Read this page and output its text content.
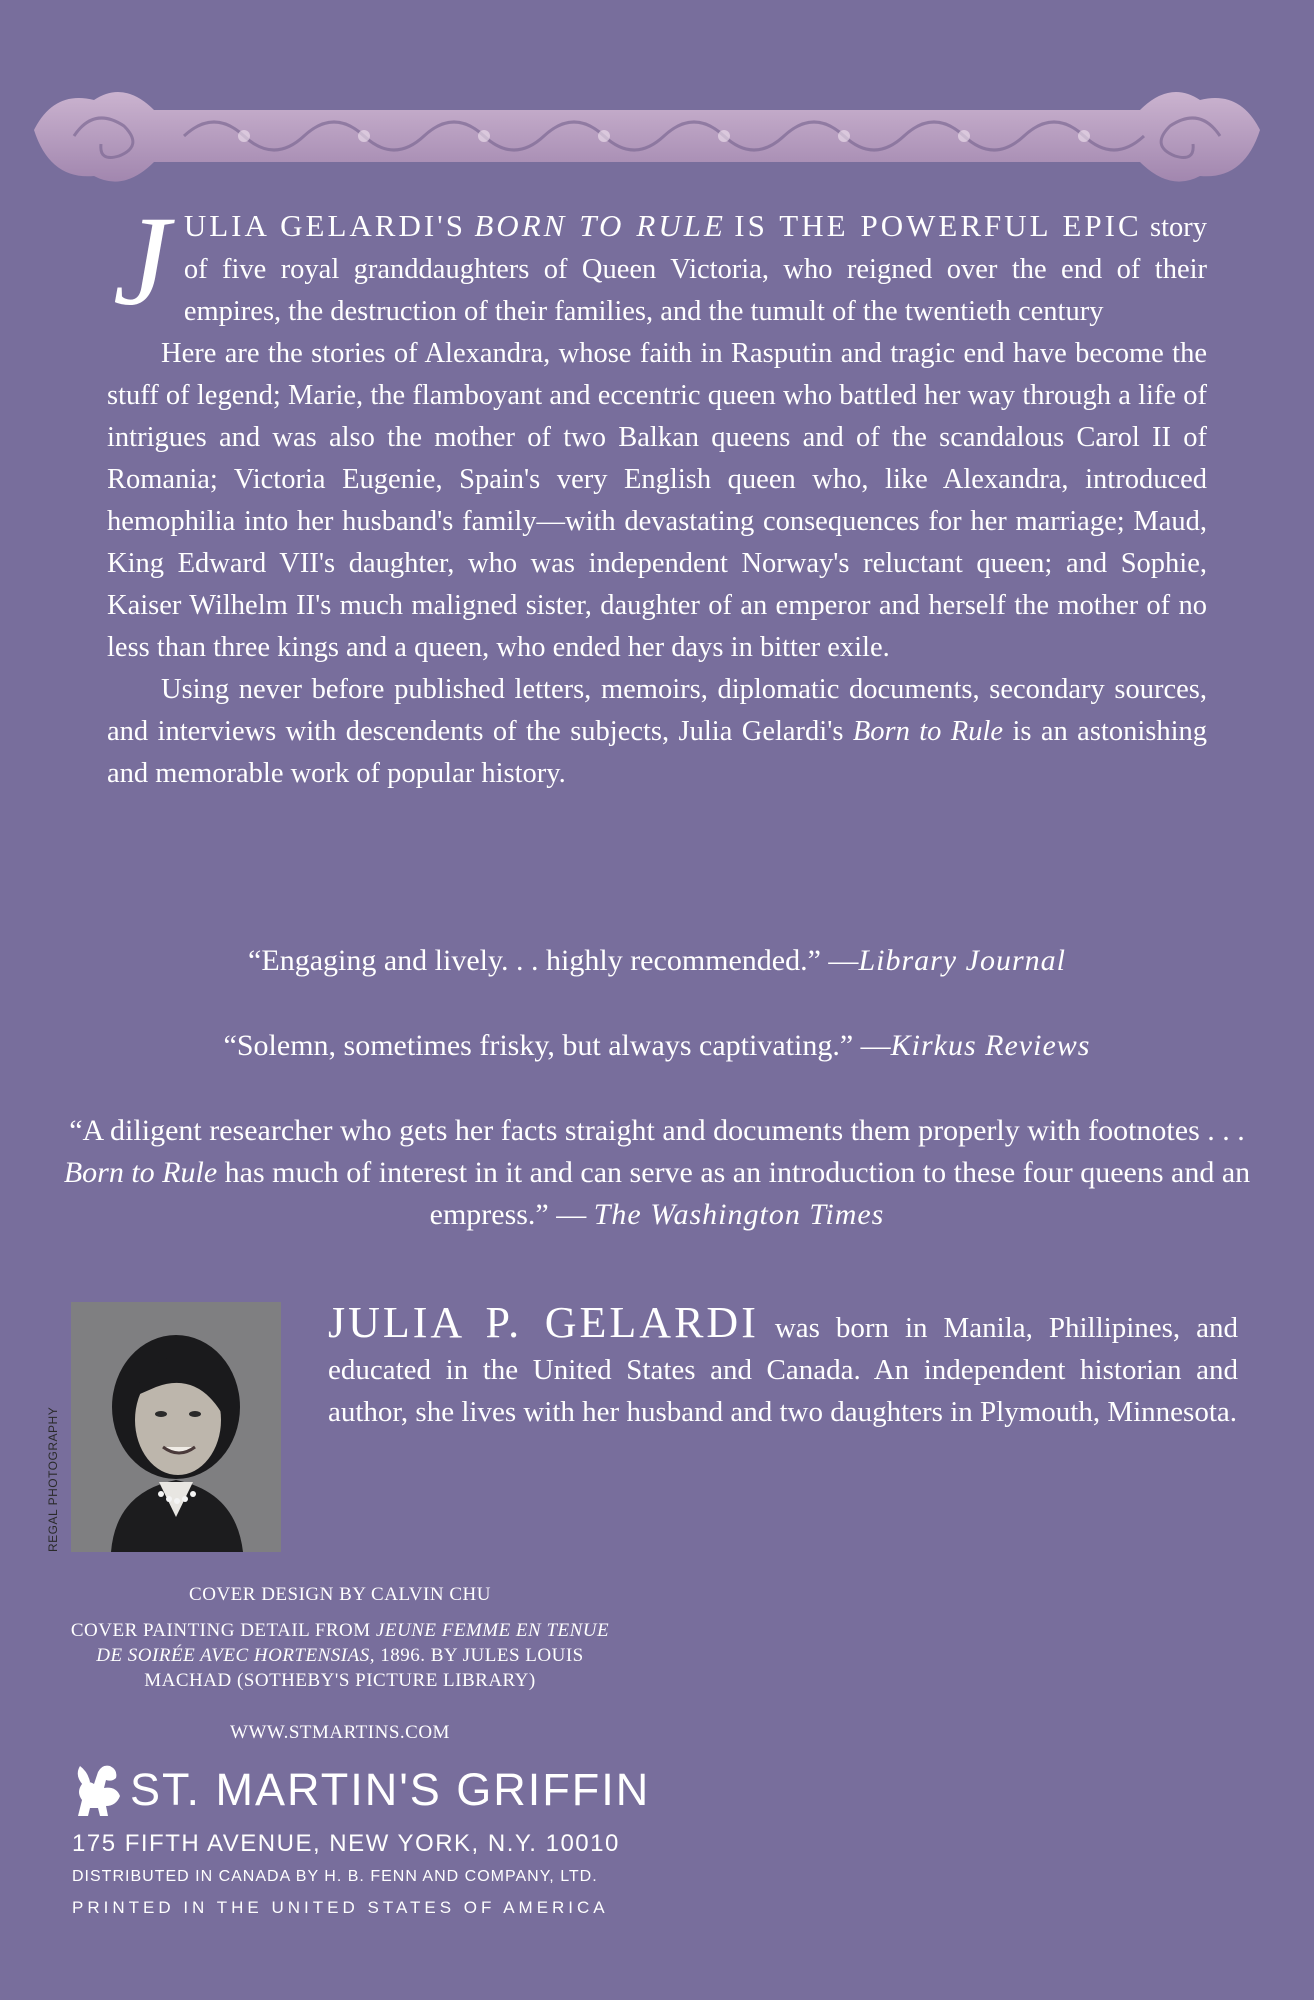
JULIA GELARDI'S BORN TO RULE IS THE POWERFUL EPIC story of five royal granddaughters of Queen Victoria, who reigned over the end of their empires, the destruction of their families, and the tumult of the twentieth century

Here are the stories of Alexandra, whose faith in Rasputin and tragic end have become the stuff of legend; Marie, the flamboyant and eccentric queen who battled her way through a life of intrigues and was also the mother of two Balkan queens and of the scandalous Carol II of Romania; Victoria Eugenie, Spain's very English queen who, like Alexandra, introduced hemophilia into her husband's family—with devastating consequences for her marriage; Maud, King Edward VII's daughter, who was independent Norway's reluctant queen; and Sophie, Kaiser Wilhelm II's much maligned sister, daughter of an emperor and herself the mother of no less than three kings and a queen, who ended her days in bitter exile.

Using never before published letters, memoirs, diplomatic documents, secondary sources, and interviews with descendents of the subjects, Julia Gelardi's Born to Rule is an astonishing and memorable work of popular history.

“Engaging and lively. . . highly recommended.” —Library Journal
“Solemn, sometimes frisky, but always captivating.” —Kirkus Reviews
“A diligent researcher who gets her facts straight and documents them properly with footnotes . . . Born to Rule has much of interest in it and can serve as an introduction to these four queens and an empress.” — The Washington Times
REGAL PHOTOGRAPHY
JULIA P. GELARDI was born in Manila, Phillipines, and educated in the United States and Canada. An independent historian and author, she lives with her husband and two daughters in Plymouth, Minnesota.
COVER DESIGN BY CALVIN CHU
COVER PAINTING DETAIL FROM JEUNE FEMME EN TENUE DE SOIRÉE AVEC HORTENSIAS, 1896. BY JULES LOUIS MACHAD (SOTHEBY'S PICTURE LIBRARY)
WWW.STMARTINS.COM
ST. MARTIN'S GRIFFIN
175 FIFTH AVENUE, NEW YORK, N.Y. 10010
DISTRIBUTED IN CANADA BY H. B. FENN AND COMPANY, LTD.
PRINTED IN THE UNITED STATES OF AMERICA
